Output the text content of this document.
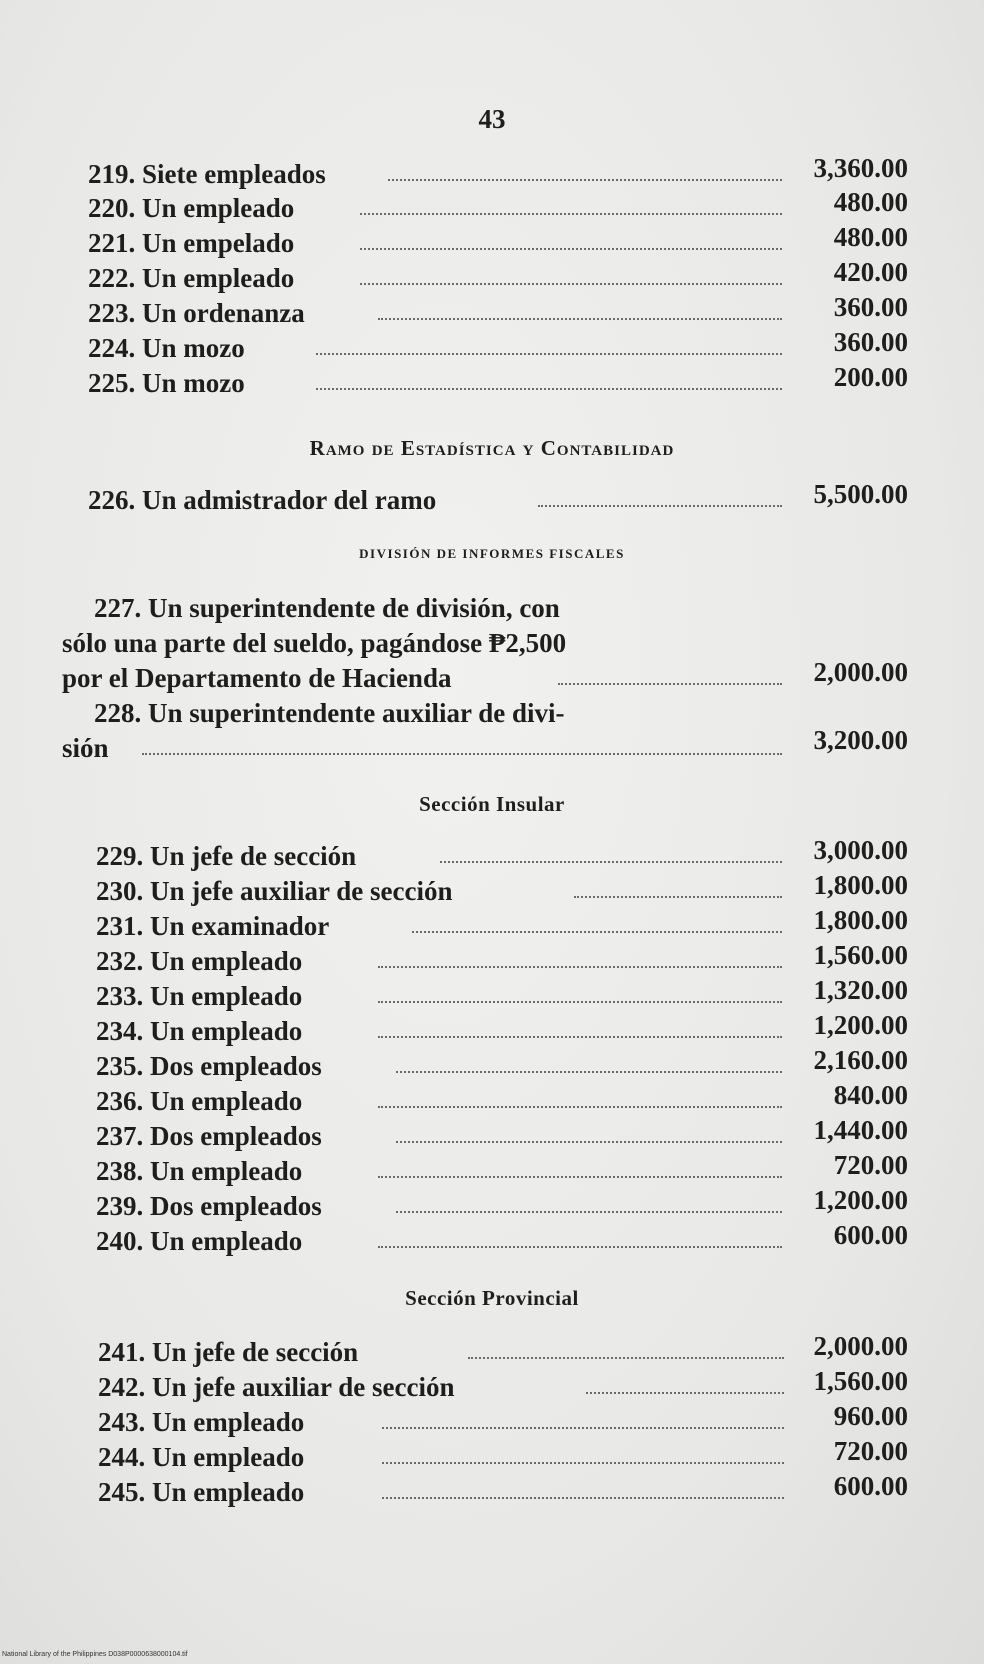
43
219. Siete empleados	3,360.00
220. Un empleado	480.00
221. Un empelado	480.00
222. Un empleado	420.00
223. Un ordenanza	360.00
224. Un mozo	360.00
225. Un mozo	200.00
Ramo de Estadística y Contabilidad
226. Un admistrador del ramo	5,500.00
DIVISIÓN DE INFORMES FISCALES
227. Un superintendente de división, con
sólo una parte del sueldo, pagándose ₱2,500
por el Departamento de Hacienda	2,000.00
228. Un superintendente auxiliar de divi-
sión	3,200.00
Sección Insular
229. Un jefe de sección	3,000.00
230. Un jefe auxiliar de sección	1,800.00
231. Un examinador	1,800.00
232. Un empleado	1,560.00
233. Un empleado	1,320.00
234. Un empleado	1,200.00
235. Dos empleados	2,160.00
236. Un empleado	840.00
237. Dos empleados	1,440.00
238. Un empleado	720.00
239. Dos empleados	1,200.00
240. Un empleado	600.00
Sección Provincial
241. Un jefe de sección	2,000.00
242. Un jefe auxiliar de sección	1,560.00
243. Un empleado	960.00
244. Un empleado	720.00
245. Un empleado	600.00
National Library of the Philippines D038P0000638000104.tif
